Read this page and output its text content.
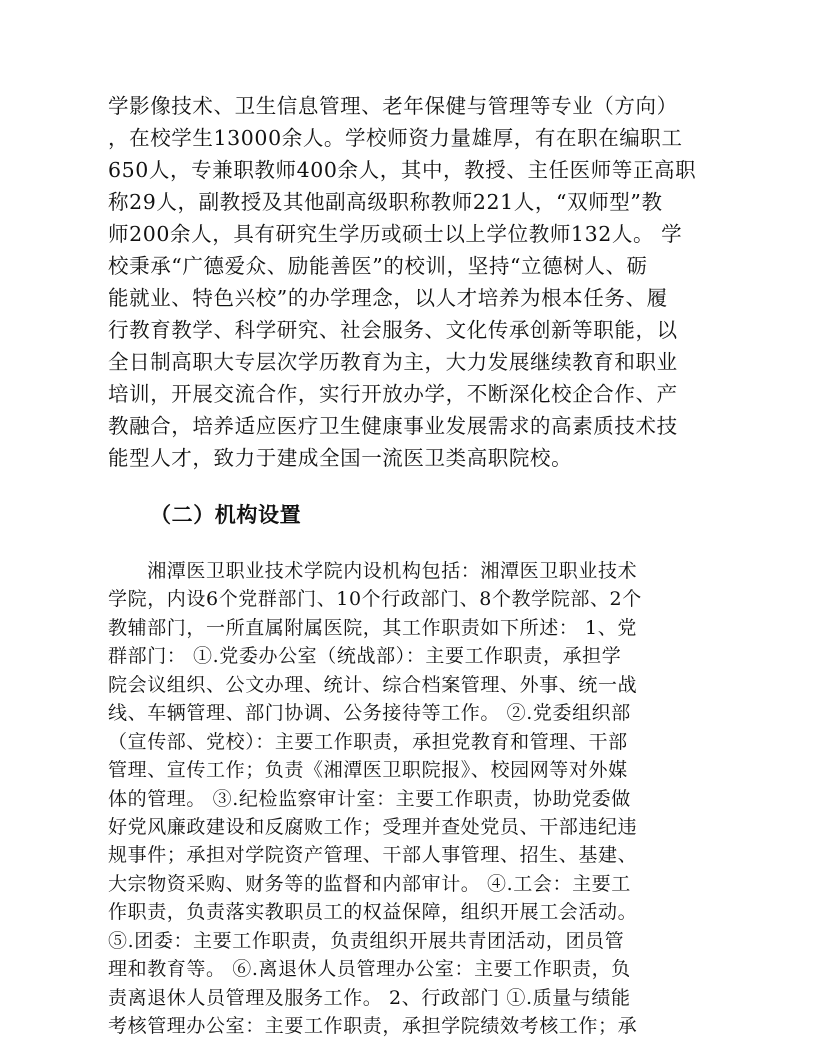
学影像技术、卫生信息管理、老年保健与管理等专业（方向）
，在校学生13000余人。学校师资力量雄厚，有在职在编职工
650人，专兼职教师400余人，其中，教授、主任医师等正高职
称29人，副教授及其他副高级职称教师221人，“双师型”教
师200余人，具有研究生学历或硕士以上学位教师132人。 学
校秉承“广德爱众、励能善医”的校训，坚持“立德树人、砺
能就业、特色兴校”的办学理念，以人才培养为根本任务、履
行教育教学、科学研究、社会服务、文化传承创新等职能，以
全日制高职大专层次学历教育为主，大力发展继续教育和职业
培训，开展交流合作，实行开放办学，不断深化校企合作、产
教融合，培养适应医疗卫生健康事业发展需求的高素质技术技
能型人才，致力于建成全国一流医卫类高职院校。
（二）机构设置
　　湘潭医卫职业技术学院内设机构包括：湘潭医卫职业技术
学院，内设6个党群部门、10个行政部门、8个教学院部、2个
教辅部门，一所直属附属医院，其工作职责如下所述： 1、党
群部门： ①.党委办公室（统战部）：主要工作职责，承担学
院会议组织、公文办理、统计、综合档案管理、外事、统一战
线、车辆管理、部门协调、公务接待等工作。 ②.党委组织部
（宣传部、党校）：主要工作职责，承担党教育和管理、干部
管理、宣传工作；负责《湘潭医卫职院报》、校园网等对外媒
体的管理。 ③.纪检监察审计室：主要工作职责，协助党委做
好党风廉政建设和反腐败工作；受理并查处党员、干部违纪违
规事件；承担对学院资产管理、干部人事管理、招生、基建、
大宗物资采购、财务等的监督和内部审计。 ④.工会：主要工
作职责，负责落实教职员工的权益保障，组织开展工会活动。
⑤.团委：主要工作职责，负责组织开展共青团活动，团员管
理和教育等。 ⑥.离退休人员管理办公室：主要工作职责，负
责离退休人员管理及服务工作。 2、行政部门 ①.质量与绩能
考核管理办公室：主要工作职责，承担学院绩效考核工作；承
